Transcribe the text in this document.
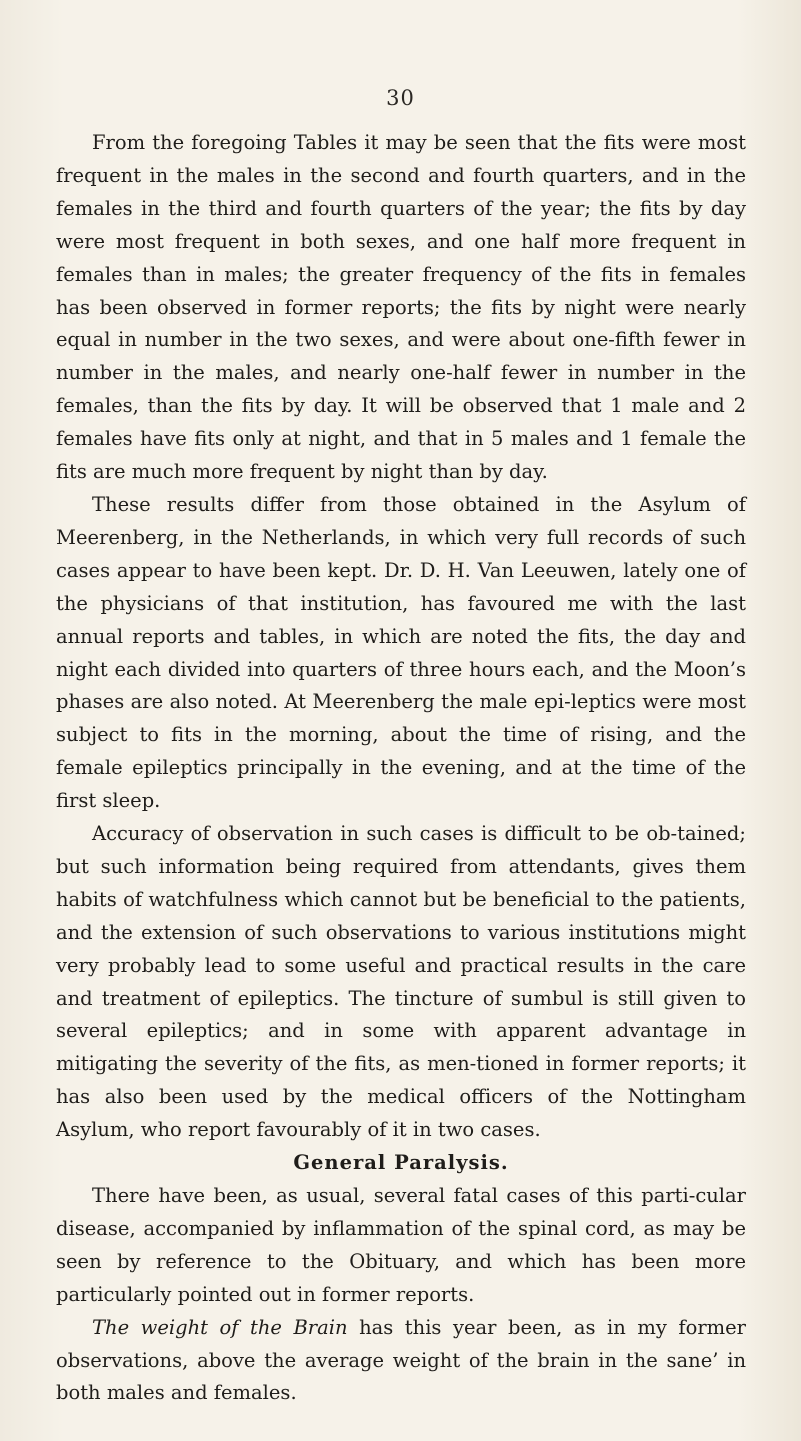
30

From the foregoing Tables it may be seen that the fits were most frequent in the males in the second and fourth quarters, and in the females in the third and fourth quarters of the year; the fits by day were most frequent in both sexes, and one half more frequent in females than in males; the greater frequency of the fits in females has been observed in former reports; the fits by night were nearly equal in number in the two sexes, and were about one-fifth fewer in number in the males, and nearly one-half fewer in number in the females, than the fits by day. It will be observed that 1 male and 2 females have fits only at night, and that in 5 males and 1 female the fits are much more frequent by night than by day.

These results differ from those obtained in the Asylum of Meerenberg, in the Netherlands, in which very full records of such cases appear to have been kept. Dr. D. H. Van Leeuwen, lately one of the physicians of that institution, has favoured me with the last annual reports and tables, in which are noted the fits, the day and night each divided into quarters of three hours each, and the Moon’s phases are also noted. At Meerenberg the male epi-leptics were most subject to fits in the morning, about the time of rising, and the female epileptics principally in the evening, and at the time of the first sleep.

Accuracy of observation in such cases is difficult to be ob-tained; but such information being required from attendants, gives them habits of watchfulness which cannot but be beneficial to the patients, and the extension of such observations to various institutions might very probably lead to some useful and practical results in the care and treatment of epileptics. The tincture of sumbul is still given to several epileptics; and in some with apparent advantage in mitigating the severity of the fits, as men-tioned in former reports; it has also been used by the medical officers of the Nottingham Asylum, who report favourably of it in two cases.

General Paralysis.

There have been, as usual, several fatal cases of this parti-cular disease, accompanied by inflammation of the spinal cord, as may be seen by reference to the Obituary, and which has been more particularly pointed out in former reports.

The weight of the Brain has this year been, as in my former observations, above the average weight of the brain in the sane’ in both males and females.
